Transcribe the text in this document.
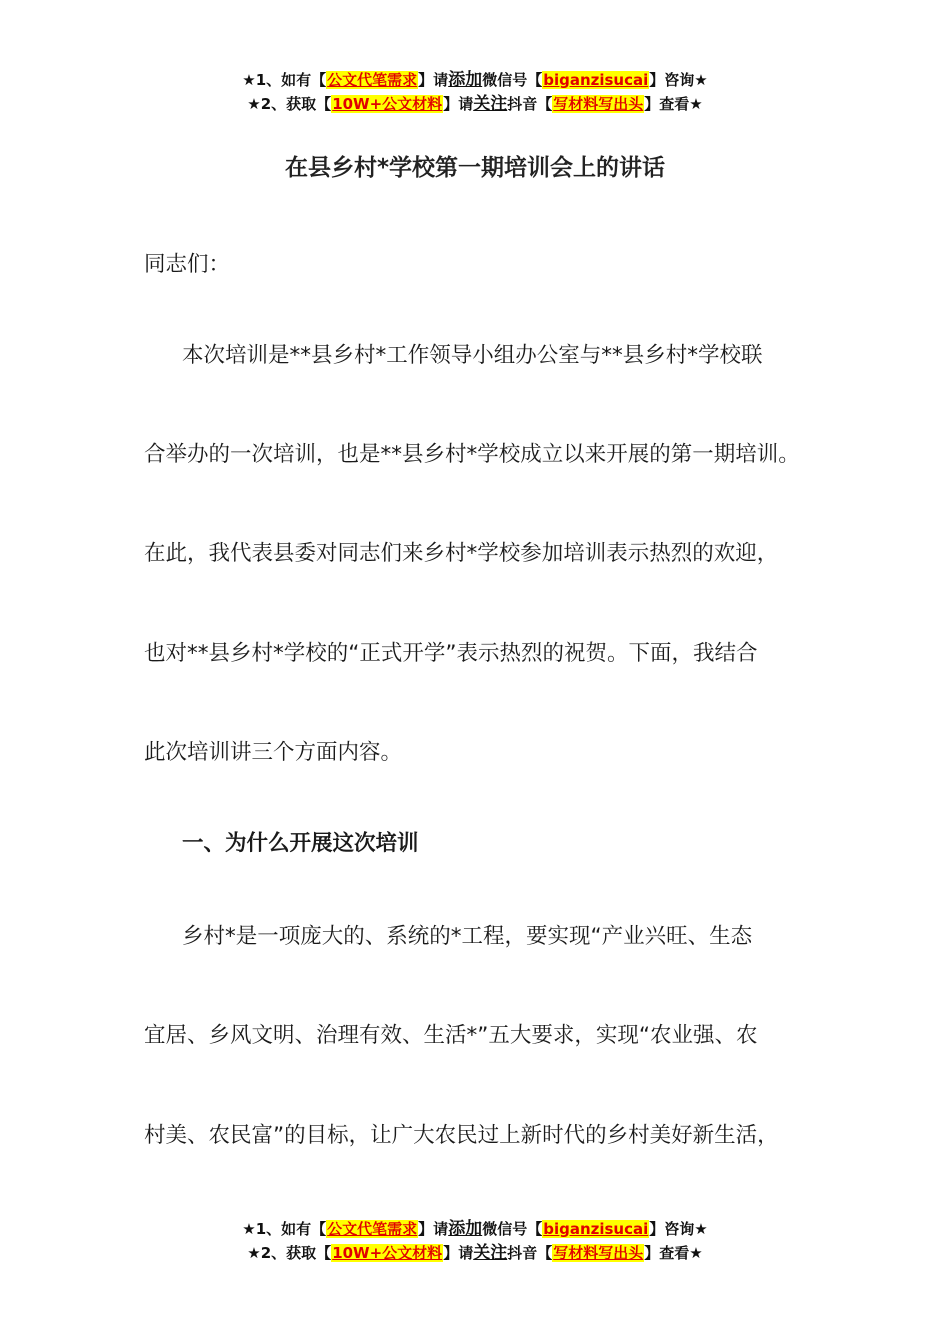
★1、如有【公文代笔需求】请添加微信号【biganzisucai】咨询★
★2、获取【10W+公文材料】请关注抖音【写材料写出头】查看★
在县乡村*学校第一期培训会上的讲话
同志们：
本次培训是**县乡村*工作领导小组办公室与**县乡村*学校联
合举办的一次培训，也是**县乡村*学校成立以来开展的第一期培训。
在此，我代表县委对同志们来乡村*学校参加培训表示热烈的欢迎，
也对**县乡村*学校的“正式开学”表示热烈的祝贺。下面，我结合
此次培训讲三个方面内容。
一、为什么开展这次培训
乡村*是一项庞大的、系统的*工程，要实现“产业兴旺、生态
宜居、乡风文明、治理有效、生活*”五大要求，实现“农业强、农
村美、农民富”的目标，让广大农民过上新时代的乡村美好新生活，
★1、如有【公文代笔需求】请添加微信号【biganzisucai】咨询★
★2、获取【10W+公文材料】请关注抖音【写材料写出头】查看★
